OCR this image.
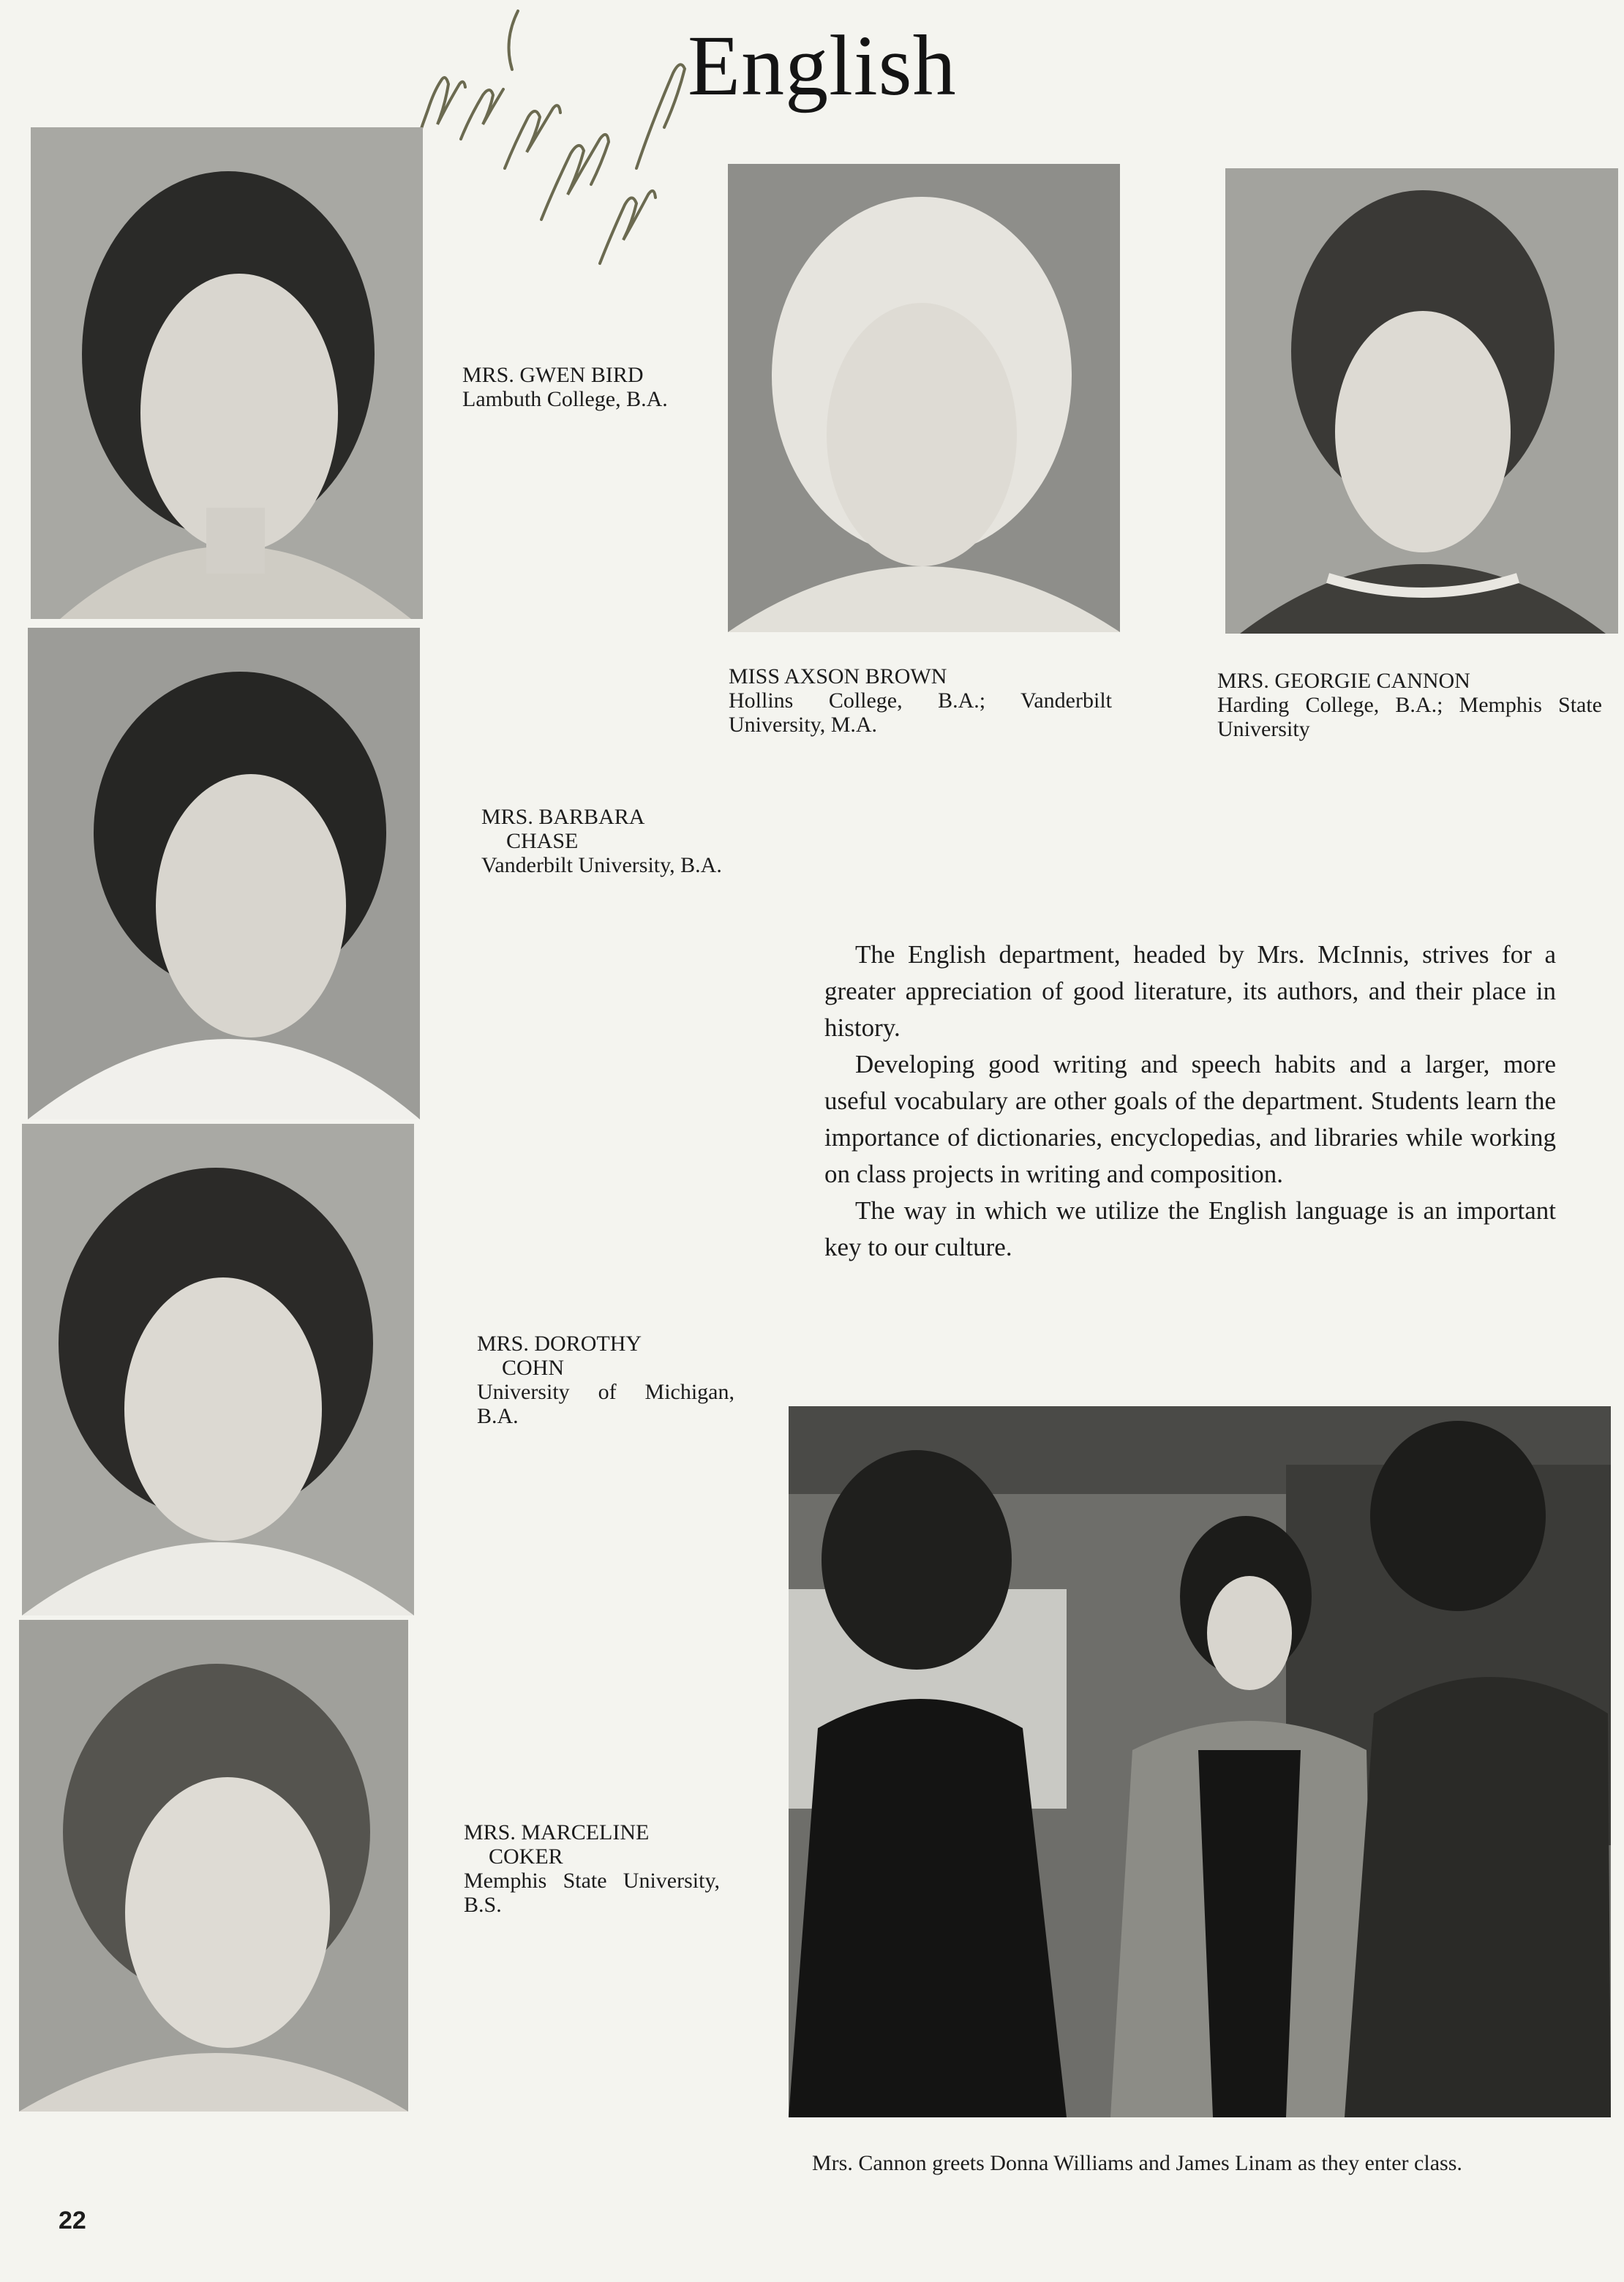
English
MRS. GWEN BIRD
Lambuth College, B.A.
MISS AXSON BROWN
Hollins College, B.A.; Vanderbilt University, M.A.
MRS. GEORGIE CANNON
Harding College, B.A.; Memphis State University
MRS. BARBARA
CHASE
Vanderbilt University, B.A.
MRS. DOROTHY
COHN
University of Michigan, B.A.
MRS. MARCELINE
COKER
Memphis State University, B.S.

The English department, headed by Mrs. McInnis, strives for a greater appreciation of good literature, its authors, and their place in history.

Developing good writing and speech habits and a larger, more useful vocabulary are other goals of the department. Students learn the importance of dictionaries, encyclopedias, and libraries while working on class projects in writing and composition.

The way in which we utilize the English language is an important key to our culture.

Mrs. Cannon greets Donna Williams and James Linam as they enter class.
22
